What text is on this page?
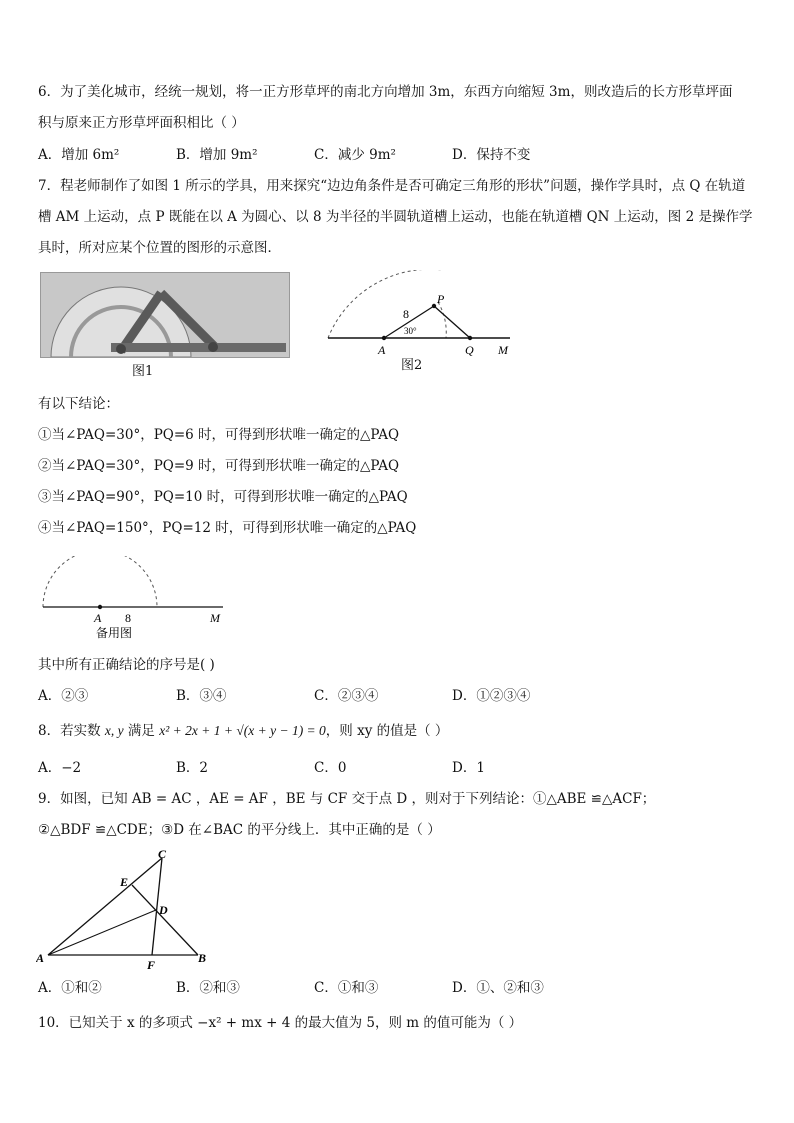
6．为了美化城市，经统一规划，将一正方形草坪的南北方向增加 3m，东西方向缩短 3m，则改造后的长方形草坪面
积与原来正方形草坪面积相比（ ）
A．增加 6m²	B．增加 9m²	C．减少 9m²	D．保持不变
7．程老师制作了如图 1 所示的学具，用来探究“边边角条件是否可确定三角形的形状”问题，操作学具时，点 Q 在轨道
槽 AM 上运动，点 P 既能在以 A 为圆心、以 8 为半径的半圆轨道槽上运动，也能在轨道槽 QN 上运动，图 2 是操作学
具时，所对应某个位置的图形的示意图．
图1
P
A	Q M
8
30°
图2
有以下结论：
①当∠PAQ=30°，PQ=6 时，可得到形状唯一确定的△PAQ
②当∠PAQ=30°，PQ=9 时，可得到形状唯一确定的△PAQ
③当∠PAQ=90°，PQ=10 时，可得到形状唯一确定的△PAQ
④当∠PAQ=150°，PQ=12 时，可得到形状唯一确定的△PAQ
A 8	M
备用图
其中所有正确结论的序号是( )
A．②③	B．③④	C．②③④	D．①②③④
8．若实数 x, y 满足 x² + 2x + 1 + √(x + y − 1) = 0，则 xy 的值是（ ）
A．−2	B．2	C．0	D．1
9．如图，已知 AB = AC ，AE = AF ，BE 与 CF 交于点 D ，则对于下列结论：①△ABE ≌△ACF；
②△BDF ≌△CDE；③D 在∠BAC 的平分线上．其中正确的是（ ）
A	B
C
D
E
F
A．①和②	B．②和③	C．①和③	D．①、②和③
10．已知关于 x 的多项式 −x² + mx + 4 的最大值为 5，则 m 的值可能为（ ）
